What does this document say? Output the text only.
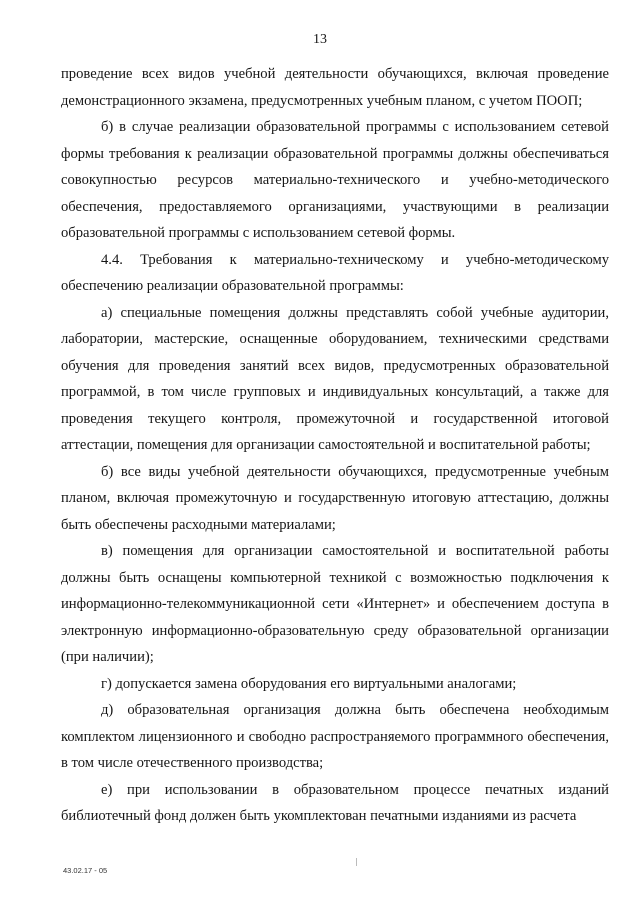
13

проведение всех видов учебной деятельности обучающихся, включая проведение демонстрационного экзамена, предусмотренных учебным планом, с учетом ПООП;

б) в случае реализации образовательной программы с использованием сетевой формы требования к реализации образовательной программы должны обеспечиваться совокупностью ресурсов материально-технического и учебно-методического обеспечения, предоставляемого организациями, участвующими в реализации образовательной программы с использованием сетевой формы.

4.4. Требования к материально-техническому и учебно-методическому обеспечению реализации образовательной программы:

а) специальные помещения должны представлять собой учебные аудитории, лаборатории, мастерские, оснащенные оборудованием, техническими средствами обучения для проведения занятий всех видов, предусмотренных образовательной программой, в том числе групповых и индивидуальных консультаций, а также для проведения текущего контроля, промежуточной и государственной итоговой аттестации, помещения для организации самостоятельной и воспитательной работы;

б) все виды учебной деятельности обучающихся, предусмотренные учебным планом, включая промежуточную и государственную итоговую аттестацию, должны быть обеспечены расходными материалами;

в) помещения для организации самостоятельной и воспитательной работы должны быть оснащены компьютерной техникой с возможностью подключения к информационно-телекоммуникационной сети «Интернет» и обеспечением доступа в электронную информационно-образовательную среду образовательной организации (при наличии);

г) допускается замена оборудования его виртуальными аналогами;

д) образовательная организация должна быть обеспечена необходимым комплектом лицензионного и свободно распространяемого программного обеспечения, в том числе отечественного производства;

е) при использовании в образовательном процессе печатных изданий библиотечный фонд должен быть укомплектован печатными изданиями из расчета

43.02.17 - 05
